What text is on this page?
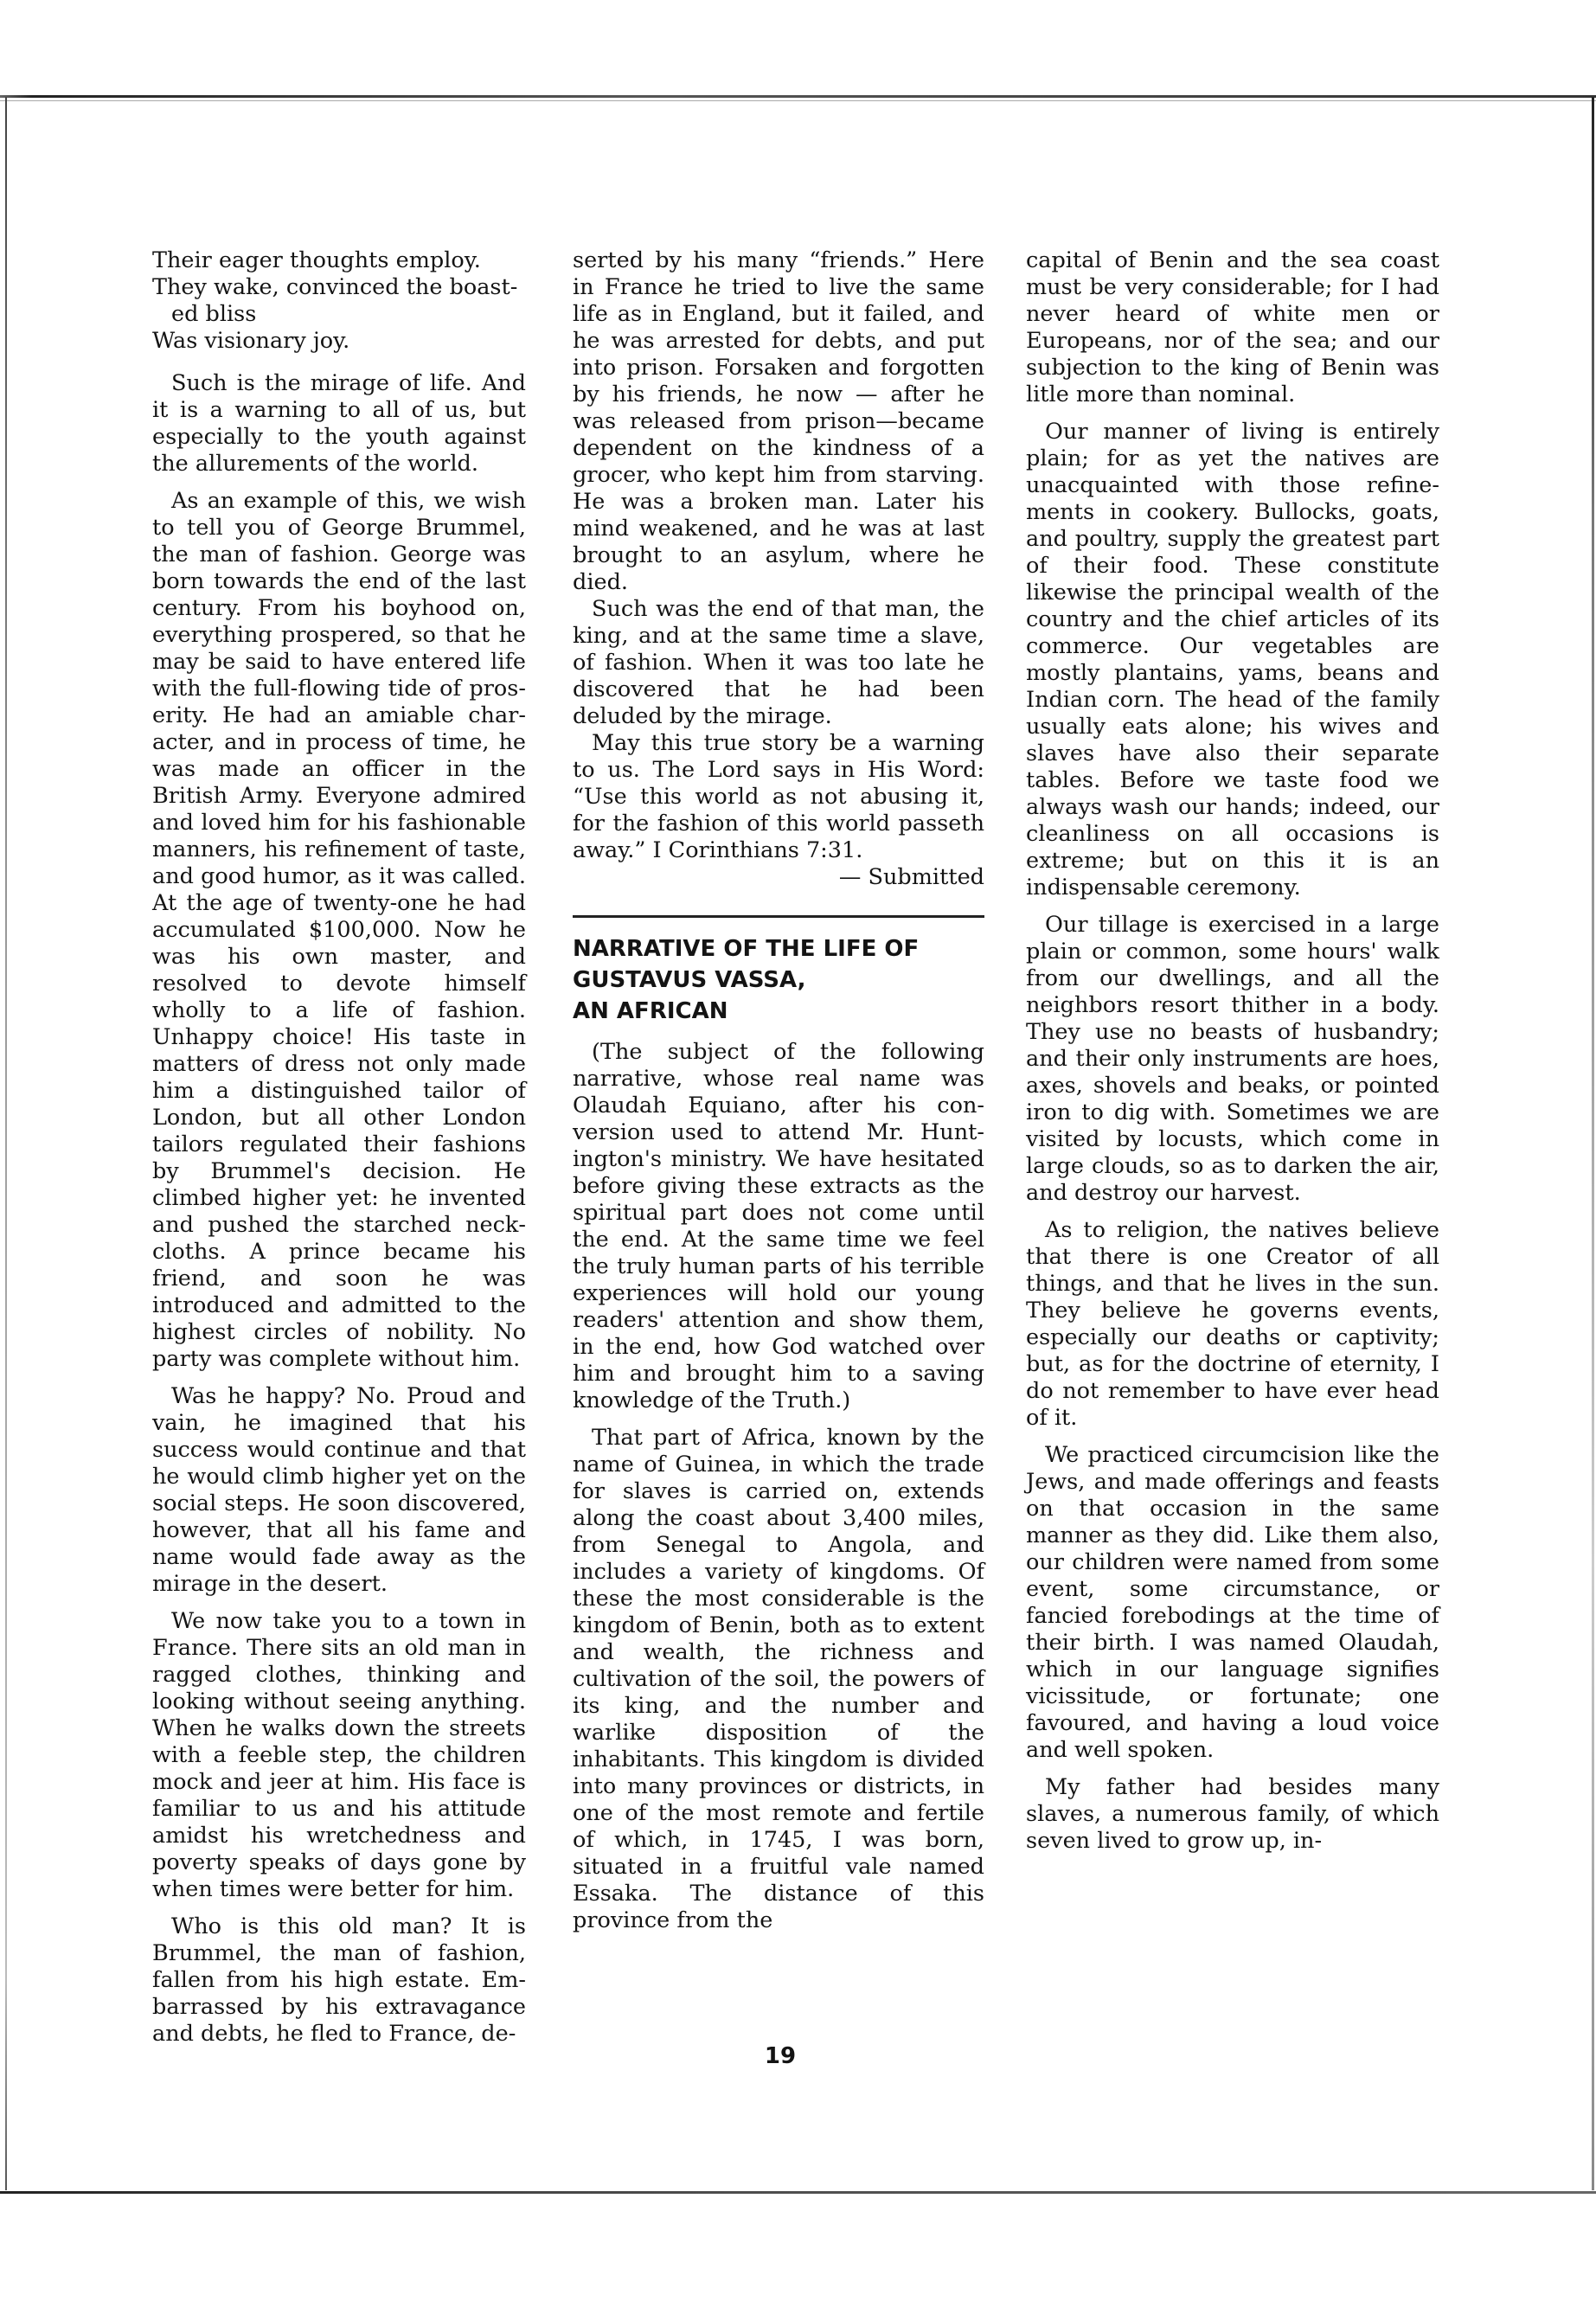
Their eager thoughts employ.
They wake, convinced the boast-
ed bliss
Was visionary joy.

Such is the mirage of life. And it is a warning to all of us, but especially to the youth against the allurements of the world.

As an example of this, we wish to tell you of George Brummel, the man of fashion. George was born towards the end of the last century. From his boyhood on, everything prospered, so that he may be said to have entered life with the full-flowing tide of proserity. He had an amiable character, and in process of time, he was made an officer in the British Army. Everyone admired and loved him for his fashionable manners, his refinement of taste, and good humor, as it was called. At the age of twenty-one he had accumulated $100,000. Now he was his own master, and resolved to devote himself wholly to a life of fashion. Unhappy choice! His taste in matters of dress not only made him a distinguished tailor of London, but all other London tailors regulated their fashions by Brummel's decision. He climbed higher yet: he invented and pushed the starched neckcloths. A prince became his friend, and soon he was introduced and admitted to the highest circles of nobility. No party was complete without him.

Was he happy? No. Proud and vain, he imagined that his success would continue and that he would climb higher yet on the social steps. He soon discovered, however, that all his fame and name would fade away as the mirage in the desert.

We now take you to a town in France. There sits an old man in ragged clothes, thinking and looking without seeing anything. When he walks down the streets with a feeble step, the children mock and jeer at him. His face is familiar to us and his attitude amidst his wretchedness and poverty speaks of days gone by when times were better for him.

Who is this old man? It is Brummel, the man of fashion, fallen from his high estate. Embarrassed by his extravagance and debts, he fled to France, de-

serted by his many “friends.” Here in France he tried to live the same life as in England, but it failed, and he was arrested for debts, and put into prison. Forsaken and forgotten by his friends, he now — after he was released from prison—became dependent on the kindness of a grocer, who kept him from starving. He was a broken man. Later his mind weakened, and he was at last brought to an asylum, where he died.

Such was the end of that man, the king, and at the same time a slave, of fashion. When it was too late he discovered that he had been deluded by the mirage.

May this true story be a warning to us. The Lord says in His Word: “Use this world as not abusing it, for the fashion of this world passeth away.” I Corinthians 7:31.

— Submitted
NARRATIVE OF THE LIFE OF
GUSTAVUS VASSA,
AN AFRICAN

(The subject of the following narrative, whose real name was Olaudah Equiano, after his conversion used to attend Mr. Huntington's ministry. We have hesitated before giving these extracts as the spiritual part does not come until the end. At the same time we feel the truly human parts of his terrible experiences will hold our young readers' attention and show them, in the end, how God watched over him and brought him to a saving knowledge of the Truth.)

That part of Africa, known by the name of Guinea, in which the trade for slaves is carried on, extends along the coast about 3,400 miles, from Senegal to Angola, and includes a variety of kingdoms. Of these the most considerable is the kingdom of Benin, both as to extent and wealth, the richness and cultivation of the soil, the powers of its king, and the number and warlike disposition of the inhabitants. This kingdom is divided into many provinces or districts, in one of the most remote and fertile of which, in 1745, I was born, situated in a fruitful vale named Essaka. The distance of this province from the

capital of Benin and the sea coast must be very considerable; for I had never heard of white men or Europeans, nor of the sea; and our subjection to the king of Benin was litle more than nominal.

Our manner of living is entirely plain; for as yet the natives are unacquainted with those refinements in cookery. Bullocks, goats, and poultry, supply the greatest part of their food. These constitute likewise the principal wealth of the country and the chief articles of its commerce. Our vegetables are mostly plantains, yams, beans and Indian corn. The head of the family usually eats alone; his wives and slaves have also their separate tables. Before we taste food we always wash our hands; indeed, our cleanliness on all occasions is extreme; but on this it is an indispensable ceremony.

Our tillage is exercised in a large plain or common, some hours' walk from our dwellings, and all the neighbors resort thither in a body. They use no beasts of husbandry; and their only instruments are hoes, axes, shovels and beaks, or pointed iron to dig with. Sometimes we are visited by locusts, which come in large clouds, so as to darken the air, and destroy our harvest.

As to religion, the natives believe that there is one Creator of all things, and that he lives in the sun. They believe he governs events, especially our deaths or captivity; but, as for the doctrine of eternity, I do not remember to have ever head of it.

We practiced circumcision like the Jews, and made offerings and feasts on that occasion in the same manner as they did. Like them also, our children were named from some event, some circumstance, or fancied forebodings at the time of their birth. I was named Olaudah, which in our language signifies vicissitude, or fortunate; one favoured, and having a loud voice and well spoken.

My father had besides many slaves, a numerous family, of which seven lived to grow up, in-

19
